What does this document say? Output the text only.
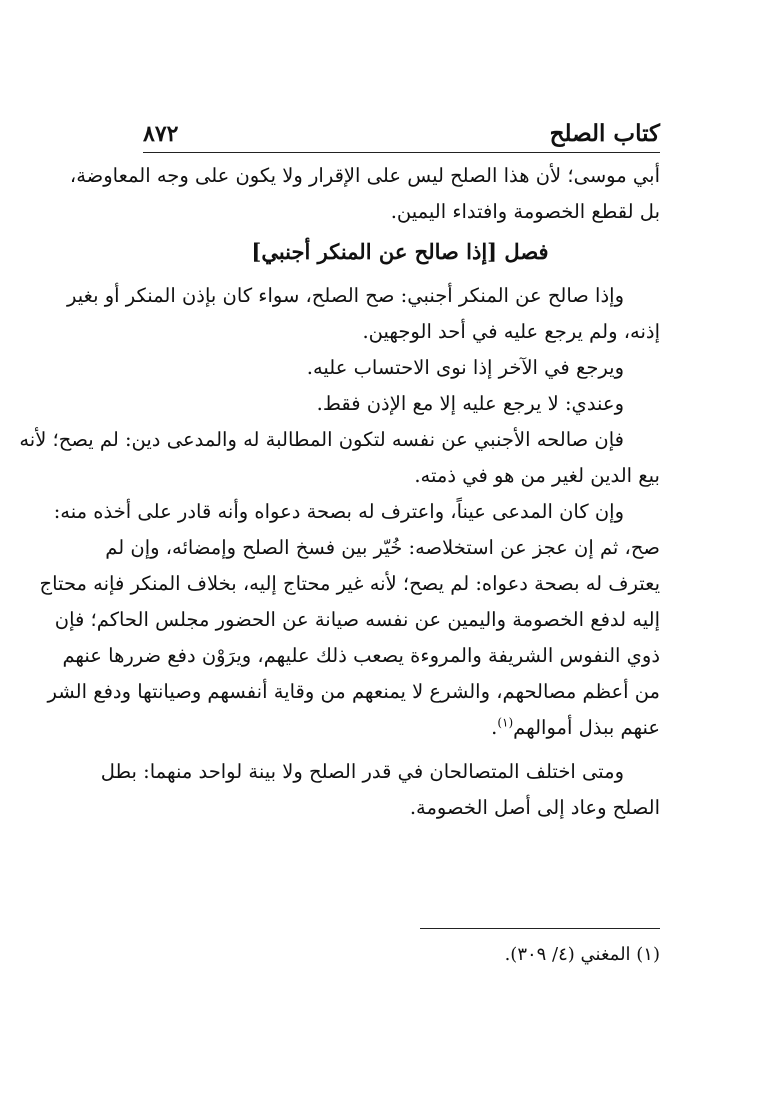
كتاب الصلح
٨٧٢
أبي موسى؛ لأن هذا الصلح ليس على الإقرار ولا يكون على وجه المعاوضة،
بل لقطع الخصومة وافتداء اليمين.
فصل [إذا صالح عن المنكر أجنبي]
وإذا صالح عن المنكر أجنبي: صح الصلح، سواء كان بإذن المنكر أو بغير
إذنه، ولم يرجع عليه في أحد الوجهين.
ويرجع في الآخر إذا نوى الاحتساب عليه.
وعندي: لا يرجع عليه إلا مع الإذن فقط.
فإن صالحه الأجنبي عن نفسه لتكون المطالبة له والمدعى دين: لم يصح؛ لأنه
بيع الدين لغير من هو في ذمته.
وإن كان المدعى عيناً، واعترف له بصحة دعواه وأنه قادر على أخذه منه:
صح، ثم إن عجز عن استخلاصه: خُيّر بين فسخ الصلح وإمضائه، وإن لم
يعترف له بصحة دعواه: لم يصح؛ لأنه غير محتاج إليه، بخلاف المنكر فإنه محتاج
إليه لدفع الخصومة واليمين عن نفسه صيانة عن الحضور مجلس الحاكم؛ فإن
ذوي النفوس الشريفة والمروءة يصعب ذلك عليهم، ويرَوْن دفع ضررها عنهم
من أعظم مصالحهم، والشرع لا يمنعهم من وقاية أنفسهم وصيانتها ودفع الشر
عنهم ببذل أموالهم$^{(١)}$.
ومتى اختلف المتصالحان في قدر الصلح ولا بينة لواحد منهما: بطل
الصلح وعاد إلى أصل الخصومة.
(١) المغني (٤/ ٣٠٩).
